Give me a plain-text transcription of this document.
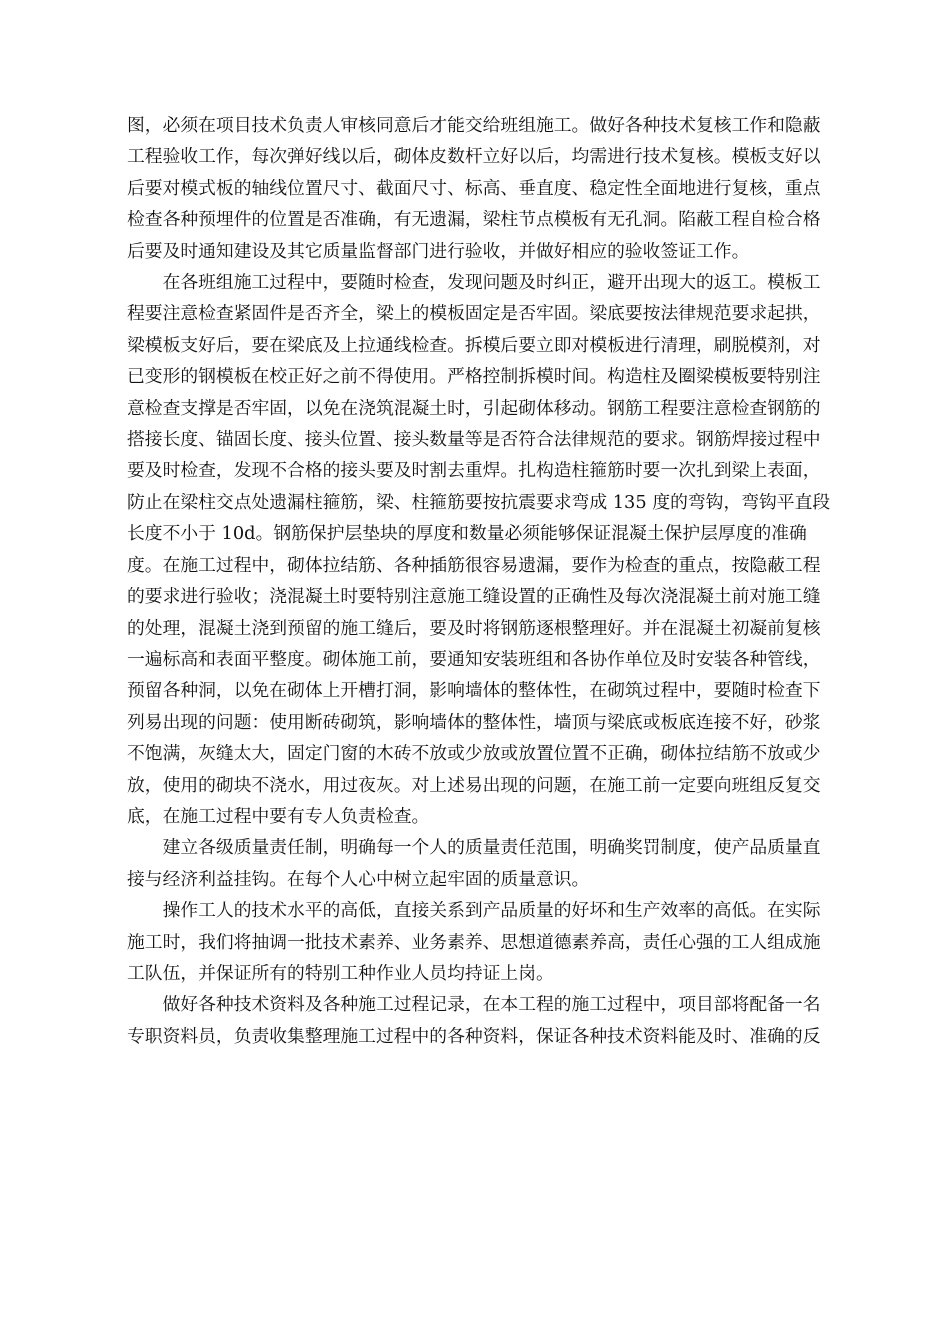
图，必须在项目技术负责人审核同意后才能交给班组施工。做好各种技术复核工作和隐蔽
工程验收工作，每次弹好线以后，砌体皮数杆立好以后，均需进行技术复核。模板支好以
后要对模式板的轴线位置尺寸、截面尺寸、标高、垂直度、稳定性全面地进行复核，重点
检查各种预埋件的位置是否准确，有无遗漏，梁柱节点模板有无孔洞。陷蔽工程自检合格
后要及时通知建设及其它质量监督部门进行验收，并做好相应的验收签证工作。
　　在各班组施工过程中，要随时检查，发现问题及时纠正，避开出现大的返工。模板工
程要注意检查紧固件是否齐全，梁上的模板固定是否牢固。梁底要按法律规范要求起拱，
梁模板支好后，要在梁底及上拉通线检查。拆模后要立即对模板进行清理，刷脱模剂，对
已变形的钢模板在校正好之前不得使用。严格控制拆模时间。构造柱及圈梁模板要特别注
意检查支撑是否牢固，以免在浇筑混凝土时，引起砌体移动。钢筋工程要注意检查钢筋的
搭接长度、锚固长度、接头位置、接头数量等是否符合法律规范的要求。钢筋焊接过程中
要及时检查，发现不合格的接头要及时割去重焊。扎构造柱箍筋时要一次扎到梁上表面，
防止在梁柱交点处遗漏柱箍筋，梁、柱箍筋要按抗震要求弯成 135 度的弯钩，弯钩平直段
长度不小于 10d。钢筋保护层垫块的厚度和数量必须能够保证混凝土保护层厚度的准确
度。在施工过程中，砌体拉结筋、各种插筋很容易遗漏，要作为检查的重点，按隐蔽工程
的要求进行验收；浇混凝土时要特别注意施工缝设置的正确性及每次浇混凝土前对施工缝
的处理，混凝土浇到预留的施工缝后，要及时将钢筋逐根整理好。并在混凝土初凝前复核
一遍标高和表面平整度。砌体施工前，要通知安装班组和各协作单位及时安装各种管线，
预留各种洞，以免在砌体上开槽打洞，影响墙体的整体性，在砌筑过程中，要随时检查下
列易出现的问题：使用断砖砌筑，影响墙体的整体性，墙顶与梁底或板底连接不好，砂浆
不饱满，灰缝太大，固定门窗的木砖不放或少放或放置位置不正确，砌体拉结筋不放或少
放，使用的砌块不浇水，用过夜灰。对上述易出现的问题，在施工前一定要向班组反复交
底，在施工过程中要有专人负责检查。
　　建立各级质量责任制，明确每一个人的质量责任范围，明确奖罚制度，使产品质量直
接与经济利益挂钩。在每个人心中树立起牢固的质量意识。
　　操作工人的技术水平的高低，直接关系到产品质量的好坏和生产效率的高低。在实际
施工时，我们将抽调一批技术素养、业务素养、思想道德素养高，责任心强的工人组成施
工队伍，并保证所有的特别工种作业人员均持证上岗。
　　做好各种技术资料及各种施工过程记录，在本工程的施工过程中，项目部将配备一名
专职资料员，负责收集整理施工过程中的各种资料，保证各种技术资料能及时、准确的反
